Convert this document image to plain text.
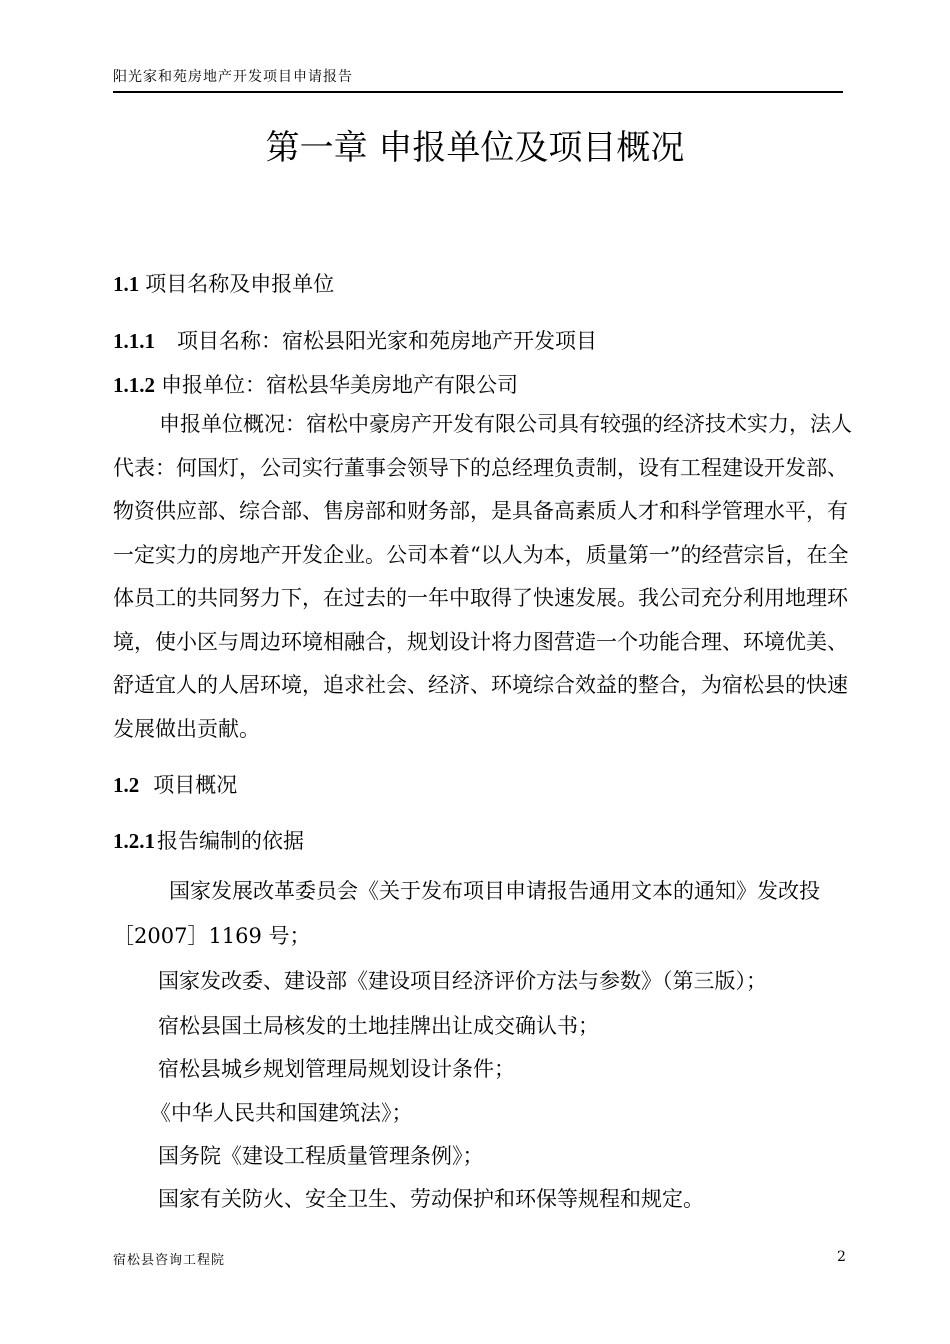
阳光家和苑房地产开发项目申请报告
第一章 申报单位及项目概况
1.1 项目名称及申报单位
1.1.1 项目名称：宿松县阳光家和苑房地产开发项目
1.1.2 申报单位：宿松县华美房地产有限公司
申报单位概况：宿松中豪房产开发有限公司具有较强的经济技术实力，法人代表：何国灯，公司实行董事会领导下的总经理负责制，设有工程建设开发部、物资供应部、综合部、售房部和财务部，是具备高素质人才和科学管理水平，有一定实力的房地产开发企业。公司本着“以人为本，质量第一”的经营宗旨，在全体员工的共同努力下，在过去的一年中取得了快速发展。我公司充分利用地理环境，使小区与周边环境相融合，规划设计将力图营造一个功能合理、环境优美、舒适宜人的人居环境，追求社会、经济、环境综合效益的整合，为宿松县的快速发展做出贡献。
1.2 项目概况
1.2.1报告编制的依据
国家发展改革委员会《关于发布项目申请报告通用文本的通知》发改投［2007］1169 号；
国家发改委、建设部《建设项目经济评价方法与参数》（第三版）；
宿松县国土局核发的土地挂牌出让成交确认书；
宿松县城乡规划管理局规划设计条件；
《中华人民共和国建筑法》；
国务院《建设工程质量管理条例》；
国家有关防火、安全卫生、劳动保护和环保等规程和规定。
宿松县咨询工程院	2
